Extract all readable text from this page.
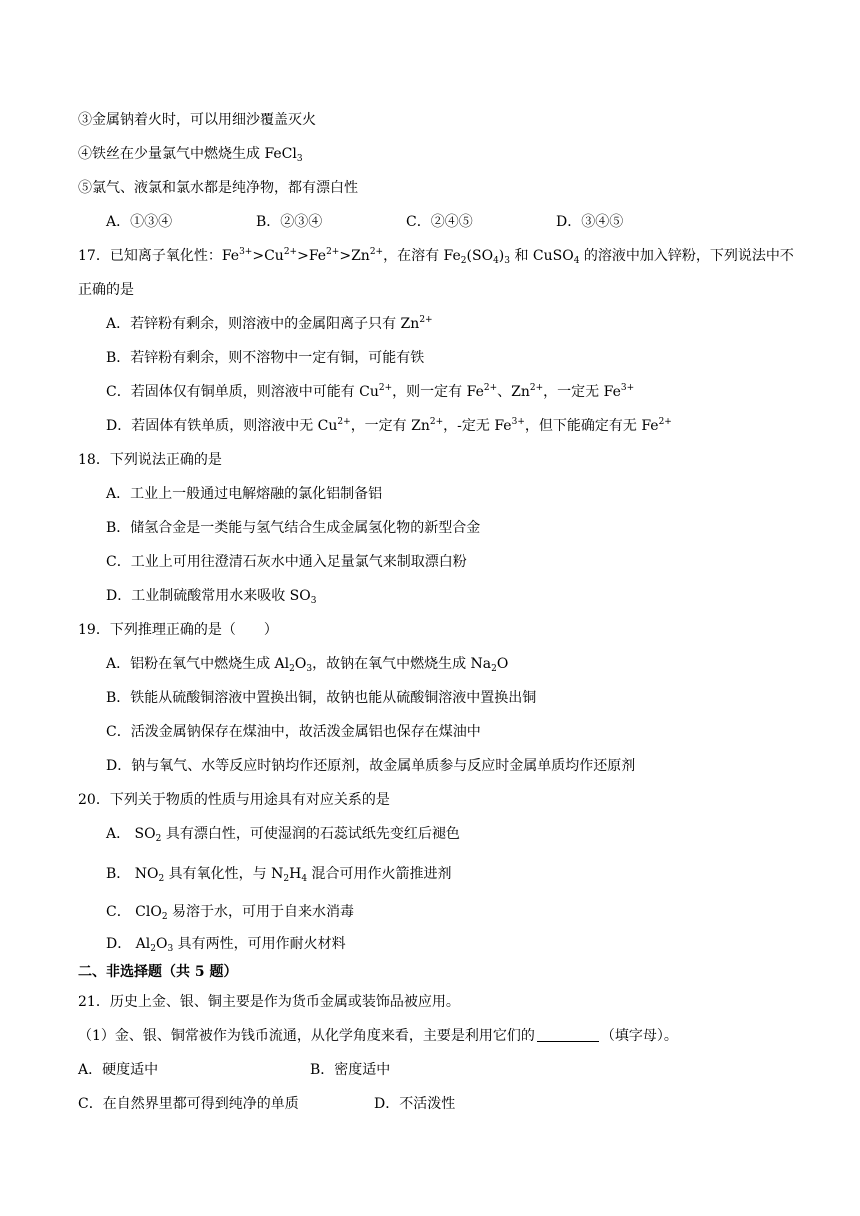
③金属钠着火时，可以用细沙覆盖灭火
④铁丝在少量氯气中燃烧生成 FeCl$_3$
⑤氯气、液氯和氯水都是纯净物，都有漂白性
A．①③④	B．②③④	C．②④⑤	D．③④⑤
17．已知离子氧化性：$Fe^{3+}>Cu^{2+}>Fe^{2+}>Zn^{2+}$，在溶有 $Fe_2(SO_4)_3$ 和 CuSO$_4$ 的溶液中加入锌粉，下列说法中不
正确的是
A．若锌粉有剩余，则溶液中的金属阳离子只有 $Zn^{2+}$
B．若锌粉有剩余，则不溶物中一定有铜，可能有铁
C．若固体仅有铜单质，则溶液中可能有 $Cu^{2+}$，则一定有 $Fe^{2+}$、$Zn^{2+}$，一定无 $Fe^{3+}$
D．若固体有铁单质，则溶液中无 $Cu^{2+}$，一定有 $Zn^{2+}$，-定无 $Fe^{3+}$，但下能确定有无 $Fe^{2+}$
18．下列说法正确的是
A．工业上一般通过电解熔融的氯化铝制备铝
B．储氢合金是一类能与氢气结合生成金属氢化物的新型合金
C．工业上可用往澄清石灰水中通入足量氯气来制取漂白粉
D．工业制硫酸常用水来吸收 $SO_3$
19．下列推理正确的是（　　）
A．铝粉在氧气中燃烧生成 $Al_2O_3$，故钠在氧气中燃烧生成 $Na_2O$
B．铁能从硫酸铜溶液中置换出铜，故钠也能从硫酸铜溶液中置换出铜
C．活泼金属钠保存在煤油中，故活泼金属铝也保存在煤油中
D．钠与氧气、水等反应时钠均作还原剂，故金属单质参与反应时金属单质均作还原剂
20．下列关于物质的性质与用途具有对应关系的是
A． $SO_2$ 具有漂白性，可使湿润的石蕊试纸先变红后褪色
B． $NO_2$ 具有氧化性，与 $N_2H_4$ 混合可用作火箭推进剂
C． ClO$_2$ 易溶于水，可用于自来水消毒
D． $Al_2O_3$ 具有两性，可用作耐火材料
二、非选择题（共 5 题）
21．历史上金、银、铜主要是作为货币金属或装饰品被应用。
（1）金、银、铜常被作为钱币流通，从化学角度来看，主要是利用它们的	（填字母）。
A．硬度适中	B．密度适中
C．在自然界里都可得到纯净的单质	D．不活泼性
